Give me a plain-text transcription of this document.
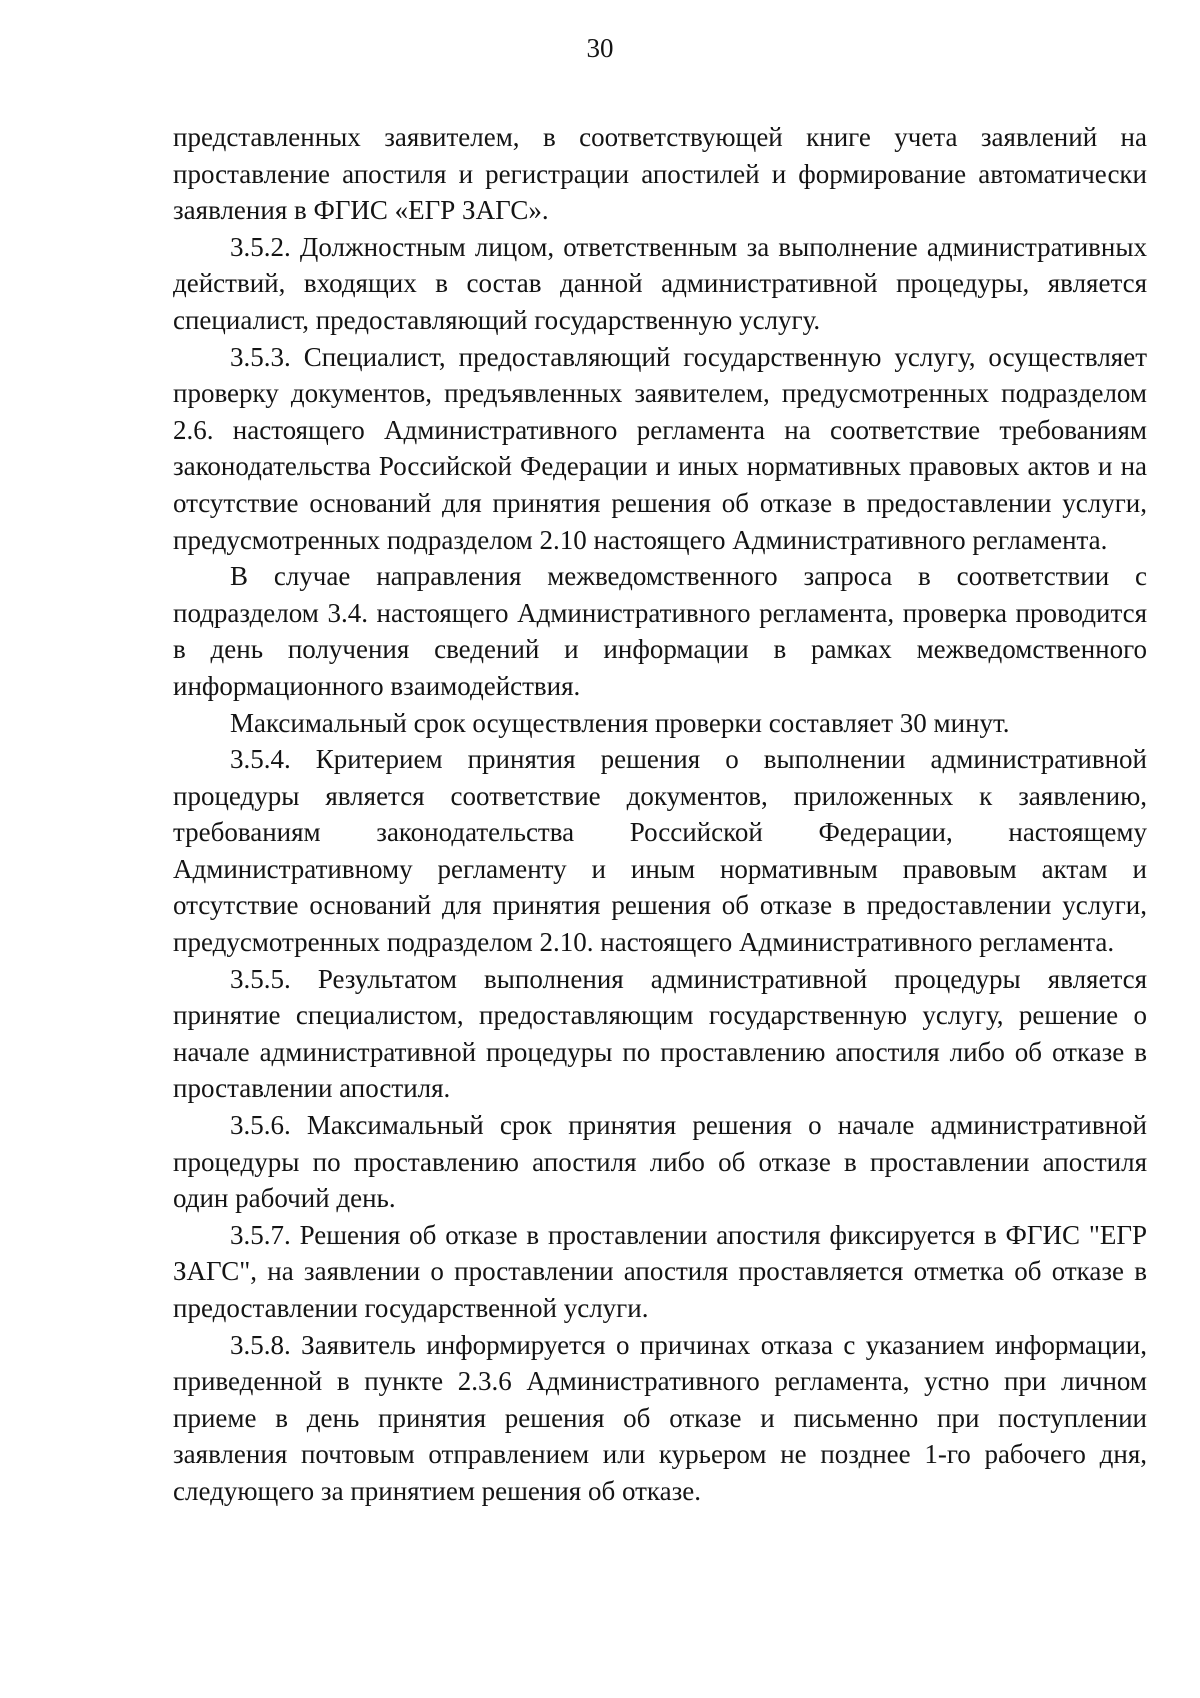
30

представленных заявителем, в соответствующей книге учета заявлений на проставление апостиля и регистрации апостилей и формирование автоматически заявления в ФГИС «ЕГР ЗАГС».

3.5.2. Должностным лицом, ответственным за выполнение административных действий, входящих в состав данной административной процедуры, является специалист, предоставляющий государственную услугу.

3.5.3. Специалист, предоставляющий государственную услугу, осуществляет проверку документов, предъявленных заявителем, предусмотренных подразделом 2.6. настоящего Административного регламента на соответствие требованиям законодательства Российской Федерации и иных нормативных правовых актов и на отсутствие оснований для принятия решения об отказе в предоставлении услуги, предусмотренных подразделом 2.10 настоящего Административного регламента.

В случае направления межведомственного запроса в соответствии с подразделом 3.4. настоящего Административного регламента, проверка проводится в день получения сведений и информации в рамках межведомственного информационного взаимодействия.

Максимальный срок осуществления проверки составляет 30 минут.

3.5.4. Критерием принятия решения о выполнении административной процедуры является соответствие документов, приложенных к заявлению, требованиям законодательства Российской Федерации, настоящему Административному регламенту и иным нормативным правовым актам и отсутствие оснований для принятия решения об отказе в предоставлении услуги, предусмотренных подразделом 2.10. настоящего Административного регламента.

3.5.5. Результатом выполнения административной процедуры является принятие специалистом, предоставляющим государственную услугу, решение о начале административной процедуры по проставлению апостиля либо об отказе в проставлении апостиля.

3.5.6. Максимальный срок принятия решения о начале административной процедуры по проставлению апостиля либо об отказе в проставлении апостиля один рабочий день.

3.5.7. Решения об отказе в проставлении апостиля фиксируется в ФГИС "ЕГР ЗАГС", на заявлении о проставлении апостиля проставляется отметка об отказе в предоставлении государственной услуги.

3.5.8. Заявитель информируется о причинах отказа с указанием информации, приведенной в пункте 2.3.6 Административного регламента, устно при личном приеме в день принятия решения об отказе и письменно при поступлении заявления почтовым отправлением или курьером не позднее 1-го рабочего дня, следующего за принятием решения об отказе.
